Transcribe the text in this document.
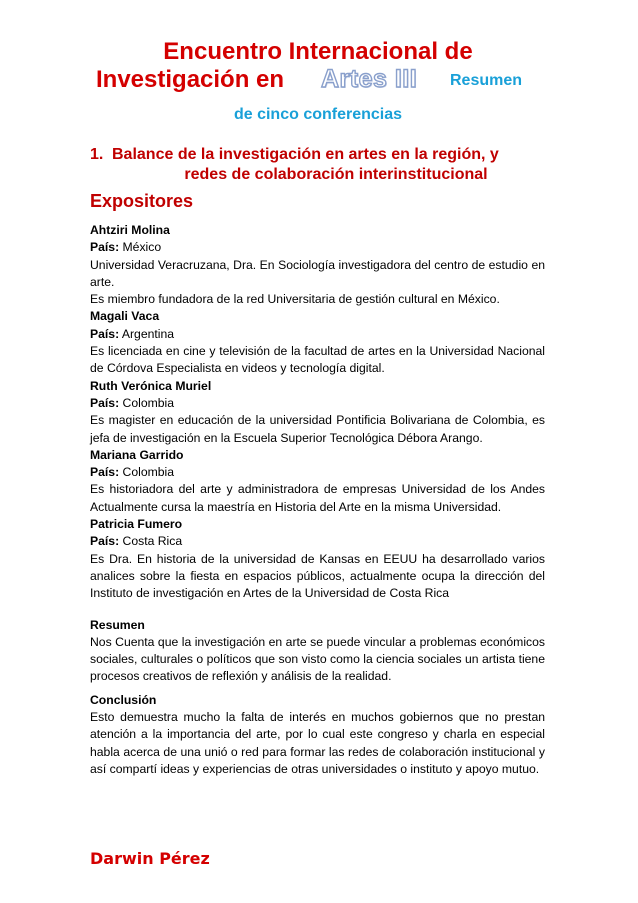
Encuentro Internacional de
Investigación en Artes III Resumen
de cinco conferencias
1. Balance de la investigación en artes en la región, y
redes de colaboración interinstitucional
Expositores

Ahtziri Molina

País: México

Universidad Veracruzana, Dra. En Sociología investigadora del centro de estudio en arte.

Es miembro fundadora de la red Universitaria de gestión cultural en México.

Magali Vaca

País: Argentina

Es licenciada en cine y televisión de la facultad de artes en la Universidad Nacional de Córdova Especialista en videos y tecnología digital.

Ruth Verónica Muriel

País: Colombia

Es magister en educación de la universidad Pontificia Bolivariana de Colombia, es jefa de investigación en la Escuela Superior Tecnológica Débora Arango.

Mariana Garrido

País: Colombia

Es historiadora del arte y administradora de empresas Universidad de los Andes Actualmente cursa la maestría en Historia del Arte en la misma Universidad.

Patricia Fumero

País: Costa Rica

Es Dra. En historia de la universidad de Kansas en EEUU ha desarrollado varios analices sobre la fiesta en espacios públicos, actualmente ocupa la dirección del Instituto de investigación en Artes de la Universidad de Costa Rica

Resumen

Nos Cuenta que la investigación en arte se puede vincular a problemas económicos sociales, culturales o políticos que son visto como la ciencia sociales un artista tiene procesos creativos de reflexión y análisis de la realidad.

Conclusión

Esto demuestra mucho la falta de interés en muchos gobiernos que no prestan atención a la importancia del arte, por lo cual este congreso y charla en especial habla acerca de una unió o red para formar las redes de colaboración institucional y así compartí ideas y experiencias de otras universidades o instituto y apoyo mutuo.

Darwin Pérez
